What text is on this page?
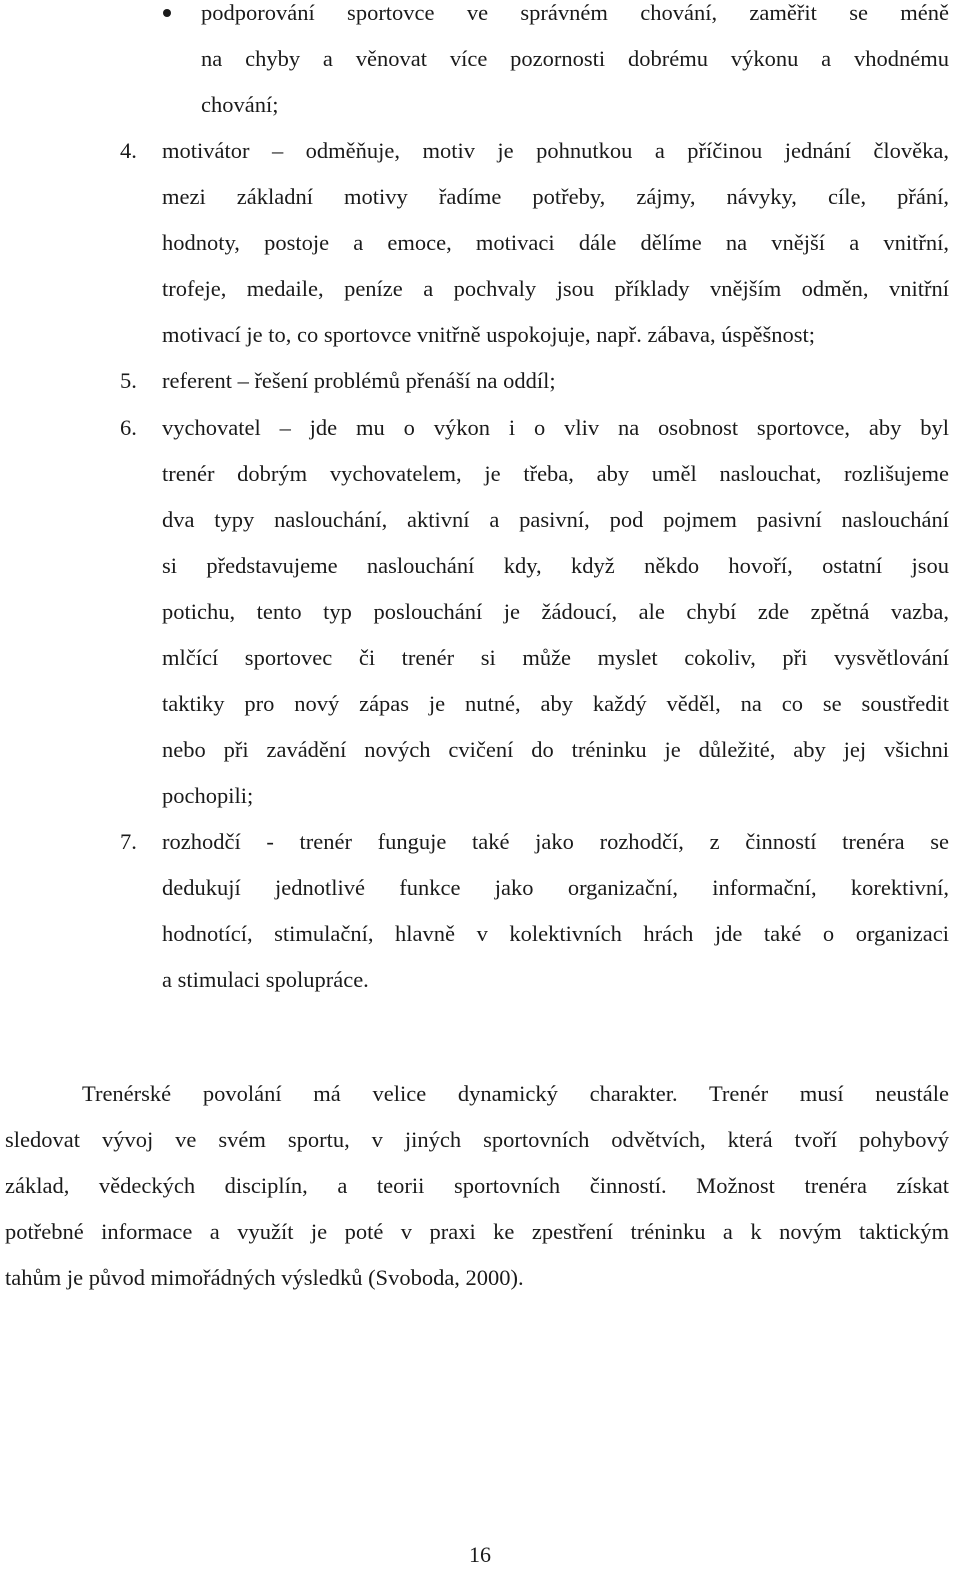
podporování sportovce ve správném chování, zaměřit se méně
na chyby a věnovat více pozornosti dobrému výkonu a vhodnému
chování;
4. motivátor – odměňuje, motiv je pohnutkou a příčinou jednání člověka,
mezi základní motivy řadíme potřeby, zájmy, návyky, cíle, přání,
hodnoty, postoje a emoce, motivaci dále dělíme na vnější a vnitřní,
trofeje, medaile, peníze a pochvaly jsou příklady vnějším odměn, vnitřní
motivací je to, co sportovce vnitřně uspokojuje, např. zábava, úspěšnost;
5. referent – řešení problémů přenáší na oddíl;
6. vychovatel – jde mu o výkon i o vliv na osobnost sportovce, aby byl
trenér dobrým vychovatelem, je třeba, aby uměl naslouchat, rozlišujeme
dva typy naslouchání, aktivní a pasivní, pod pojmem pasivní naslouchání
si představujeme naslouchání kdy, když někdo hovoří, ostatní jsou
potichu, tento typ poslouchání je žádoucí, ale chybí zde zpětná vazba,
mlčící sportovec či trenér si může myslet cokoliv, při vysvětlování
taktiky pro nový zápas je nutné, aby každý věděl, na co se soustředit
nebo při zavádění nových cvičení do tréninku je důležité, aby jej všichni
pochopili;
7. rozhodčí - trenér funguje také jako rozhodčí, z činností trenéra se
dedukují jednotlivé funkce jako organizační, informační, korektivní,
hodnotící, stimulační, hlavně v kolektivních hrách jde také o organizaci
a stimulaci spolupráce.
Trenérské povolání má velice dynamický charakter. Trenér musí neustále
sledovat vývoj ve svém sportu, v jiných sportovních odvětvích, která tvoří pohybový
základ, vědeckých disciplín, a teorii sportovních činností. Možnost trenéra získat
potřebné informace a využít je poté v praxi ke zpestření tréninku a k novým taktickým
tahům je původ mimořádných výsledků (Svoboda, 2000).
16
